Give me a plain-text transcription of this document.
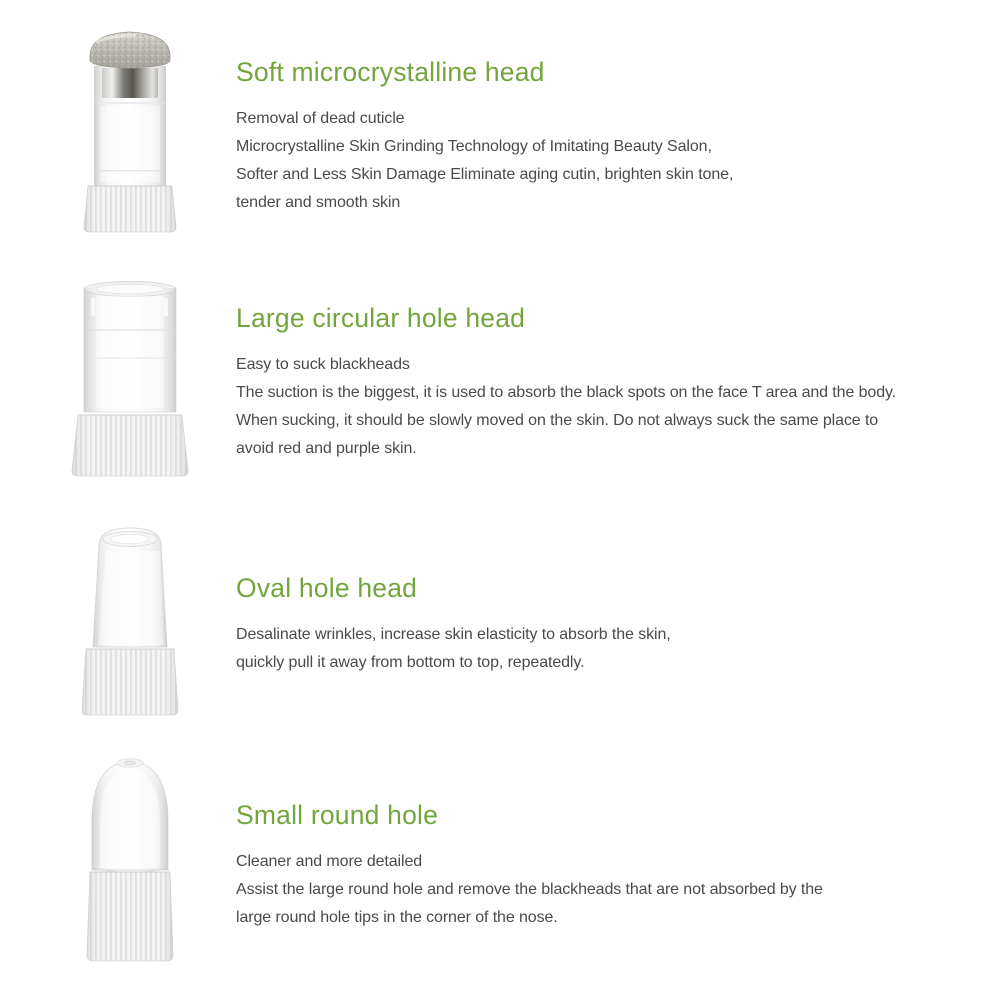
Soft microcrystalline head

Removal of dead cuticle

Microcrystalline Skin Grinding Technology of Imitating Beauty Salon,

Softer and Less Skin Damage Eliminate aging cutin, brighten skin tone,

tender and smooth skin

Large circular hole head

Easy to suck blackheads

The suction is the biggest, it is used to absorb the black spots on the face T area and the body.

When sucking, it should be slowly moved on the skin. Do not always suck the same place to

avoid red and purple skin.

Oval hole head

Desalinate wrinkles, increase skin elasticity to absorb the skin,

quickly pull it away from bottom to top, repeatedly.

Small round hole

Cleaner and more detailed

Assist the large round hole and remove the blackheads that are not absorbed by the

large round hole tips in the corner of the nose.
